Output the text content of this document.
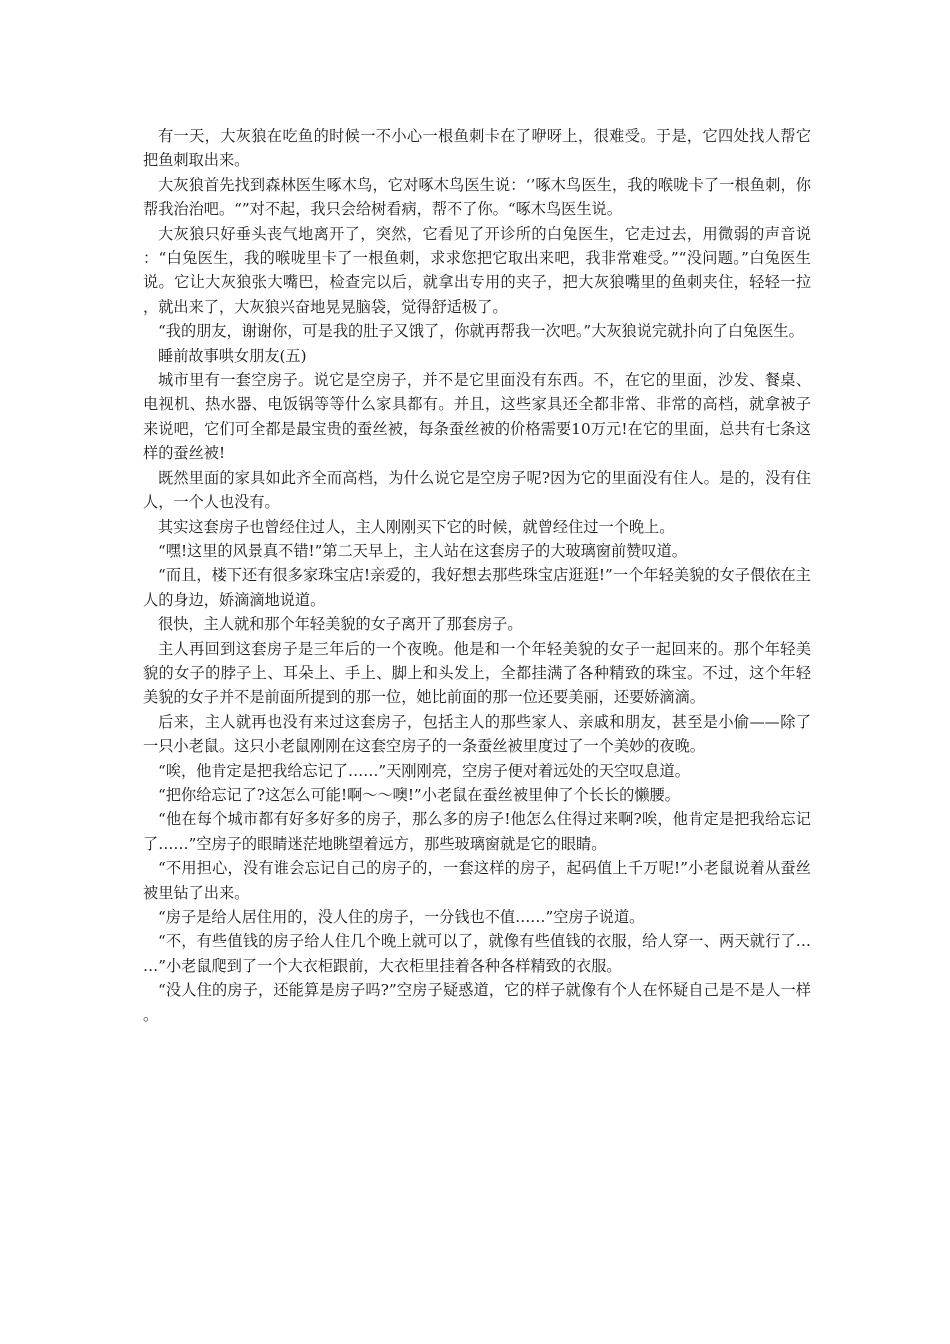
有一天，大灰狼在吃鱼的时候一不小心一根鱼刺卡在了咿呀上，很难受。于是，它四处找人帮它把鱼刺取出来。

大灰狼首先找到森林医生啄木鸟，它对啄木鸟医生说：‘’啄木鸟医生，我的喉咙卡了一根鱼刺，你帮我治治吧。“”对不起，我只会给树看病，帮不了你。“啄木鸟医生说。

大灰狼只好垂头丧气地离开了，突然，它看见了开诊所的白兔医生，它走过去，用微弱的声音说：“白兔医生，我的喉咙里卡了一根鱼刺，求求您把它取出来吧，我非常难受。”“没问题。”白兔医生说。它让大灰狼张大嘴巴，检查完以后，就拿出专用的夹子，把大灰狼嘴里的鱼刺夹住，轻轻一拉，就出来了，大灰狼兴奋地晃晃脑袋，觉得舒适极了。

“我的朋友，谢谢你，可是我的肚子又饿了，你就再帮我一次吧。”大灰狼说完就扑向了白兔医生。

睡前故事哄女朋友(五)

城市里有一套空房子。说它是空房子，并不是它里面没有东西。不，在它的里面，沙发、餐桌、电视机、热水器、电饭锅等等什么家具都有。并且，这些家具还全都非常、非常的高档，就拿被子来说吧，它们可全都是最宝贵的蚕丝被，每条蚕丝被的价格需要10万元!在它的里面，总共有七条这样的蚕丝被!

既然里面的家具如此齐全而高档，为什么说它是空房子呢?因为它的里面没有住人。是的，没有住人，一个人也没有。

其实这套房子也曾经住过人，主人刚刚买下它的时候，就曾经住过一个晚上。

“嘿!这里的风景真不错!”第二天早上，主人站在这套房子的大玻璃窗前赞叹道。

“而且，楼下还有很多家珠宝店!亲爱的，我好想去那些珠宝店逛逛!”一个年轻美貌的女子偎依在主人的身边，娇滴滴地说道。

很快，主人就和那个年轻美貌的女子离开了那套房子。

主人再回到这套房子是三年后的一个夜晚。他是和一个年轻美貌的女子一起回来的。那个年轻美貌的女子的脖子上、耳朵上、手上、脚上和头发上，全都挂满了各种精致的珠宝。不过，这个年轻美貌的女子并不是前面所提到的那一位，她比前面的那一位还要美丽，还要娇滴滴。

后来，主人就再也没有来过这套房子，包括主人的那些家人、亲戚和朋友，甚至是小偷——除了一只小老鼠。这只小老鼠刚刚在这套空房子的一条蚕丝被里度过了一个美妙的夜晚。

“唉，他肯定是把我给忘记了……”天刚刚亮，空房子便对着远处的天空叹息道。

“把你给忘记了?这怎么可能!啊～～噢!”小老鼠在蚕丝被里伸了个长长的懒腰。

“他在每个城市都有好多好多的房子，那么多的房子!他怎么住得过来啊?唉，他肯定是把我给忘记了……”空房子的眼睛迷茫地眺望着远方，那些玻璃窗就是它的眼睛。

“不用担心，没有谁会忘记自己的房子的，一套这样的房子，起码值上千万呢!”小老鼠说着从蚕丝被里钻了出来。

“房子是给人居住用的，没人住的房子，一分钱也不值……”空房子说道。

“不，有些值钱的房子给人住几个晚上就可以了，就像有些值钱的衣服，给人穿一、两天就行了……”小老鼠爬到了一个大衣柜跟前，大衣柜里挂着各种各样精致的衣服。

“没人住的房子，还能算是房子吗?”空房子疑惑道，它的样子就像有个人在怀疑自己是不是人一样。
